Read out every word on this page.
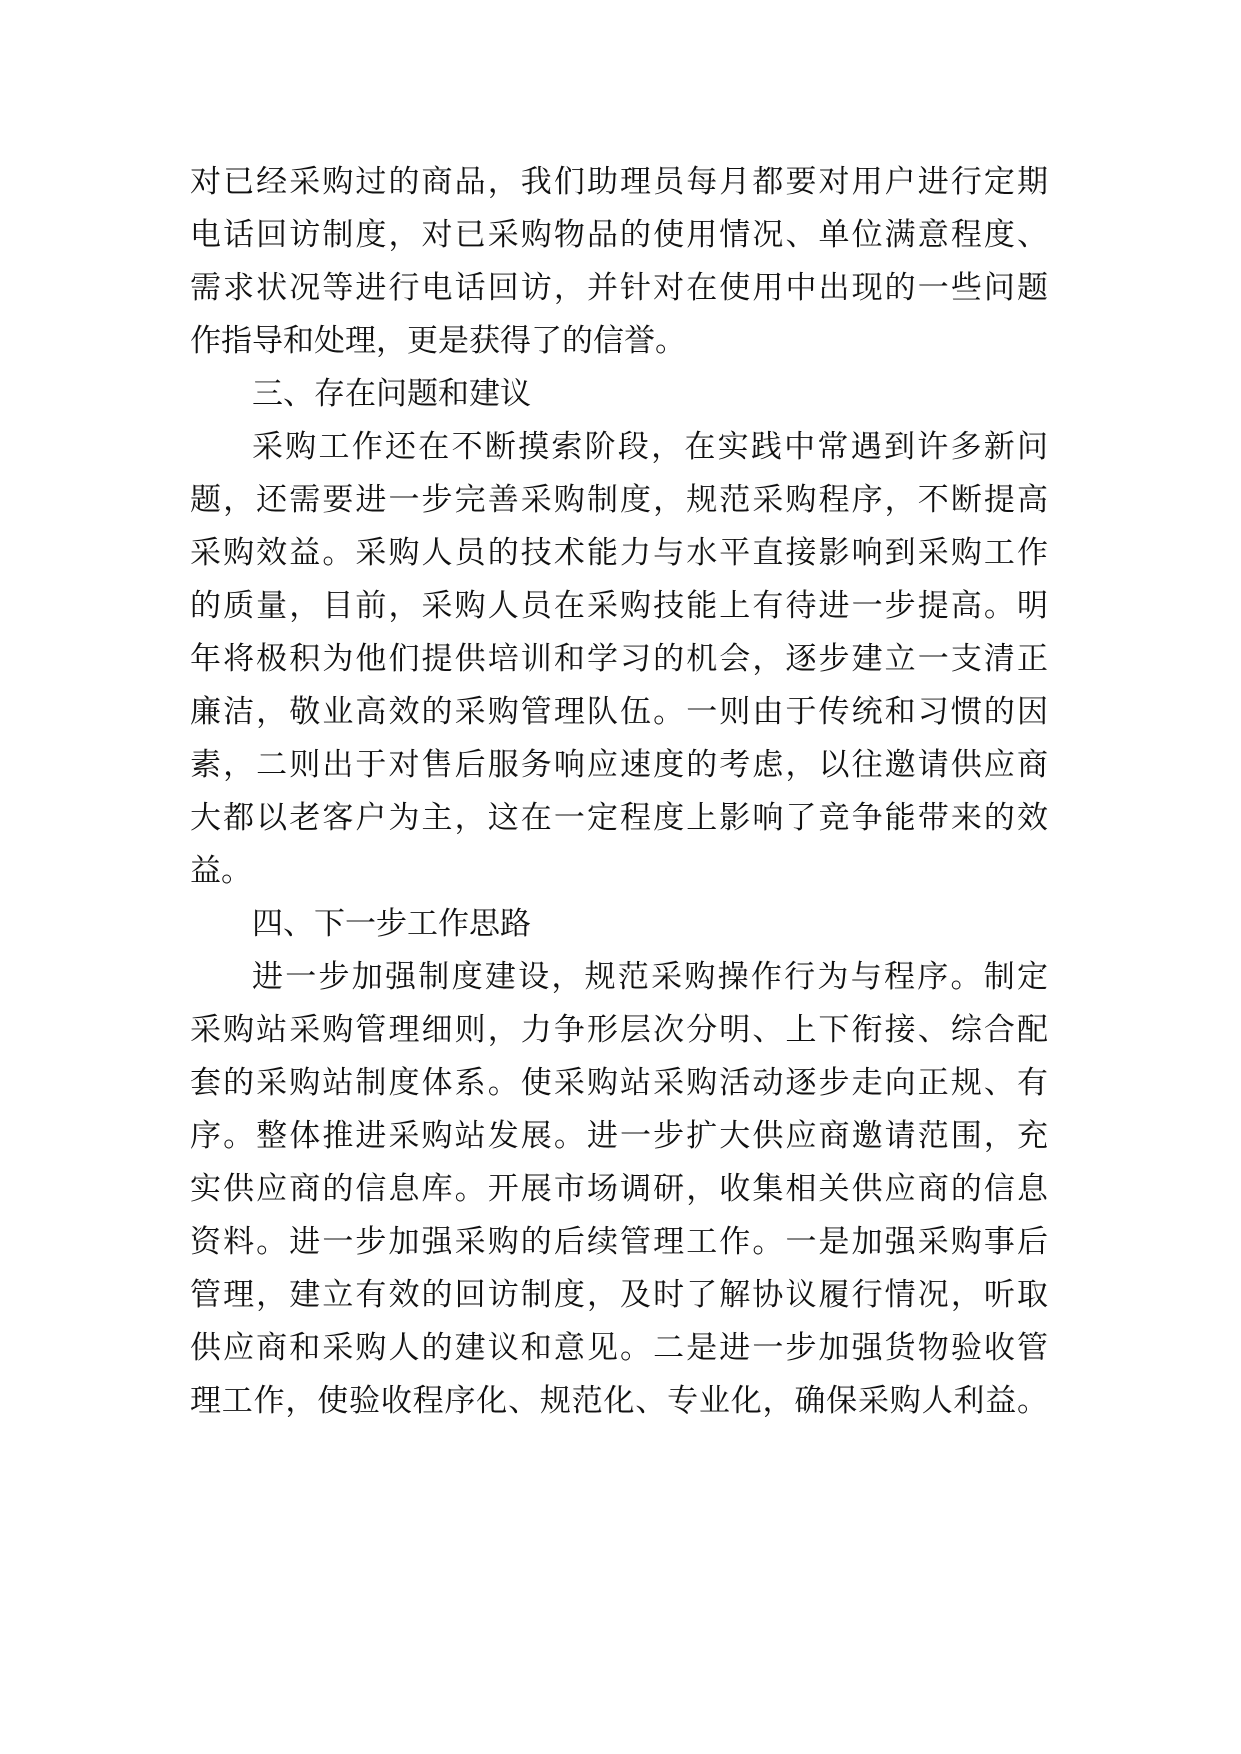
对已经采购过的商品，我们助理员每月都要对用户进行定期
电话回访制度，对已采购物品的使用情况、单位满意程度、
需求状况等进行电话回访，并针对在使用中出现的一些问题
作指导和处理，更是获得了的信誉。
三、存在问题和建议
采购工作还在不断摸索阶段，在实践中常遇到许多新问
题，还需要进一步完善采购制度，规范采购程序，不断提高
采购效益。采购人员的技术能力与水平直接影响到采购工作
的质量，目前，采购人员在采购技能上有待进一步提高。明
年将极积为他们提供培训和学习的机会，逐步建立一支清正
廉洁，敬业高效的采购管理队伍。一则由于传统和习惯的因
素，二则出于对售后服务响应速度的考虑，以往邀请供应商
大都以老客户为主，这在一定程度上影响了竞争能带来的效
益。
四、下一步工作思路
进一步加强制度建设，规范采购操作行为与程序。制定
采购站采购管理细则，力争形层次分明、上下衔接、综合配
套的采购站制度体系。使采购站采购活动逐步走向正规、有
序。整体推进采购站发展。进一步扩大供应商邀请范围，充
实供应商的信息库。开展市场调研，收集相关供应商的信息
资料。进一步加强采购的后续管理工作。一是加强采购事后
管理，建立有效的回访制度，及时了解协议履行情况，听取
供应商和采购人的建议和意见。二是进一步加强货物验收管
理工作，使验收程序化、规范化、专业化，确保采购人利益。
